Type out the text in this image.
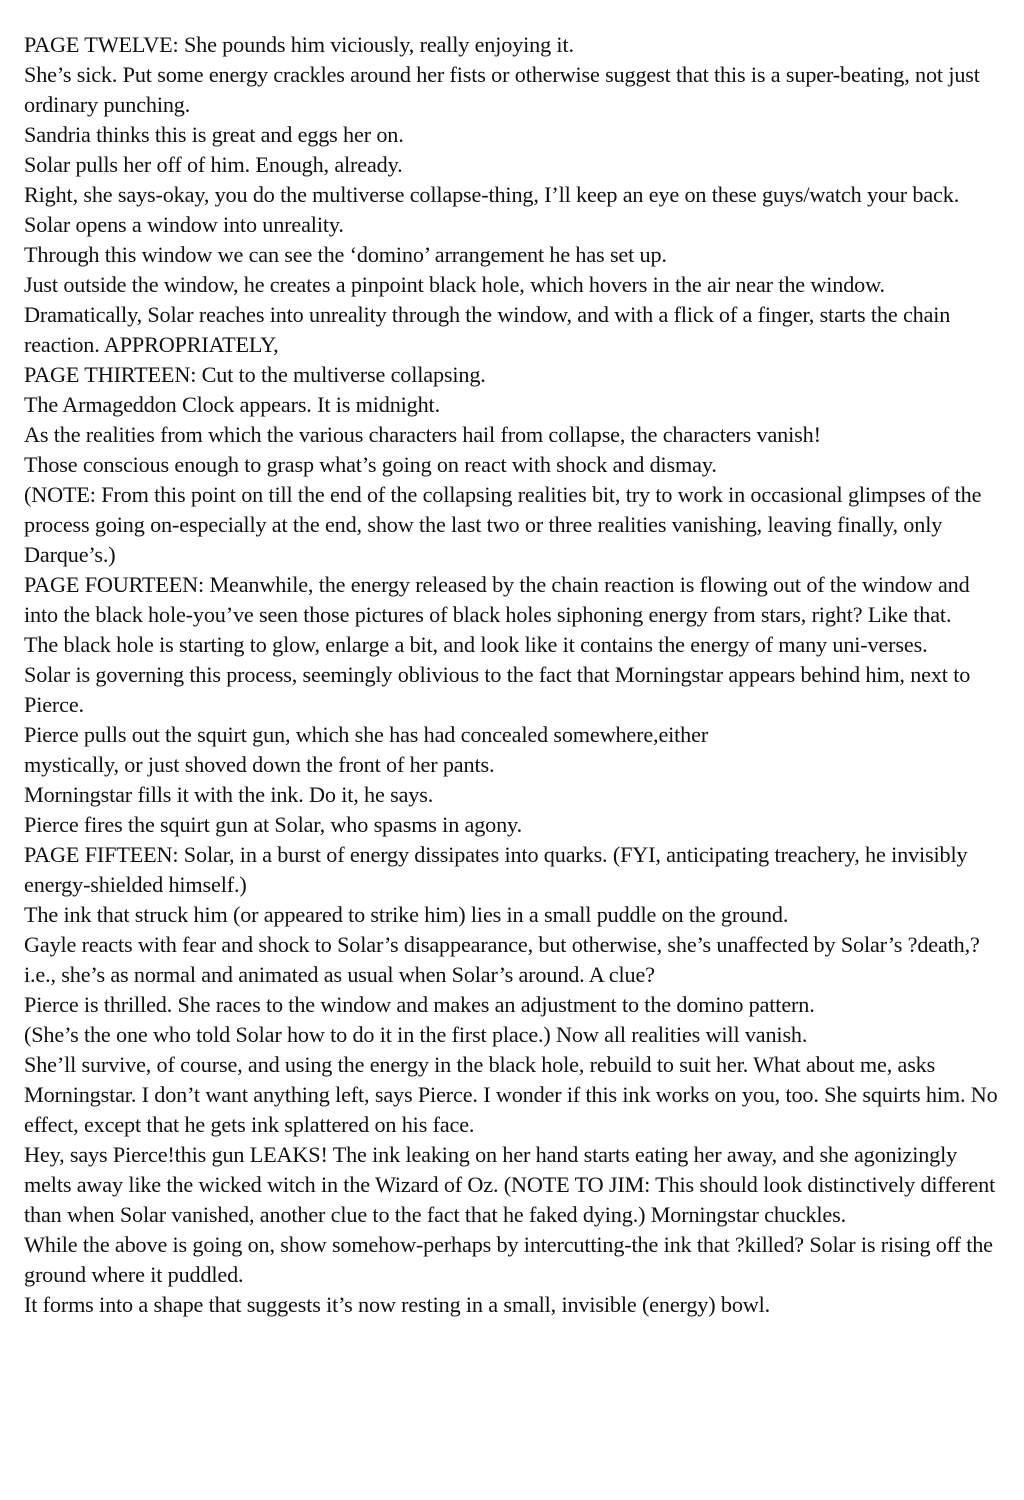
PAGE TWELVE: She pounds him viciously, really enjoying it.

She’s sick. Put some energy crackles around her fists or otherwise suggest that this is a super-beating, not just ordinary punching.

Sandria thinks this is great and eggs her on.

Solar pulls her off of him. Enough, already.

Right, she says-okay, you do the multiverse collapse-thing, I’ll keep an eye on these guys/watch your back. Solar opens a window into unreality.

Through this window we can see the ‘domino’ arrangement he has set up.

Just outside the window, he creates a pinpoint black hole, which hovers in the air near the window. Dramatically, Solar reaches into unreality through the window, and with a flick of a finger, starts the chain reaction. APPROPRIATELY,

PAGE THIRTEEN: Cut to the multiverse collapsing.

The Armageddon Clock appears. It is midnight.

As the realities from which the various characters hail from collapse, the characters vanish!

Those conscious enough to grasp what’s going on react with shock and dismay.

(NOTE: From this point on till the end of the collapsing realities bit, try to work in occasional glimpses of the process going on-especially at the end, show the last two or three realities vanishing, leaving finally, only Darque’s.)

PAGE FOURTEEN: Meanwhile, the energy released by the chain reaction is flowing out of the window and into the black hole-you’ve seen those pictures of black holes siphoning energy from stars, right? Like that.

The black hole is starting to glow, enlarge a bit, and look like it contains the energy of many uni-verses.

Solar is governing this process, seemingly oblivious to the fact that Morningstar appears behind him, next to Pierce.

Pierce pulls out the squirt gun, which she has had concealed somewhere,either

mystically, or just shoved down the front of her pants.

Morningstar fills it with the ink. Do it, he says.

Pierce fires the squirt gun at Solar, who spasms in agony.

PAGE FIFTEEN: Solar, in a burst of energy dissipates into quarks. (FYI, anticipating treachery, he invisibly energy-shielded himself.)

The ink that struck him (or appeared to strike him) lies in a small puddle on the ground.

Gayle reacts with fear and shock to Solar’s disappearance, but otherwise, she’s unaffected by Solar’s ?death,? i.e., she’s as normal and animated as usual when Solar’s around. A clue?

Pierce is thrilled. She races to the window and makes an adjustment to the domino pattern.

(She’s the one who told Solar how to do it in the first place.) Now all realities will vanish.

She’ll survive, of course, and using the energy in the black hole, rebuild to suit her. What about me, asks Morningstar. I don’t want anything left, says Pierce. I wonder if this ink works on you, too. She squirts him. No effect, except that he gets ink splattered on his face.

Hey, says Pierce!this gun LEAKS! The ink leaking on her hand starts eating her away, and she agonizingly melts away like the wicked witch in the Wizard of Oz. (NOTE TO JIM: This should look distinctively different than when Solar vanished, another clue to the fact that he faked dying.) Morningstar chuckles.

While the above is going on, show somehow-perhaps by intercutting-the ink that ?killed? Solar is rising off the ground where it puddled.

It forms into a shape that suggests it’s now resting in a small, invisible (energy) bowl.
